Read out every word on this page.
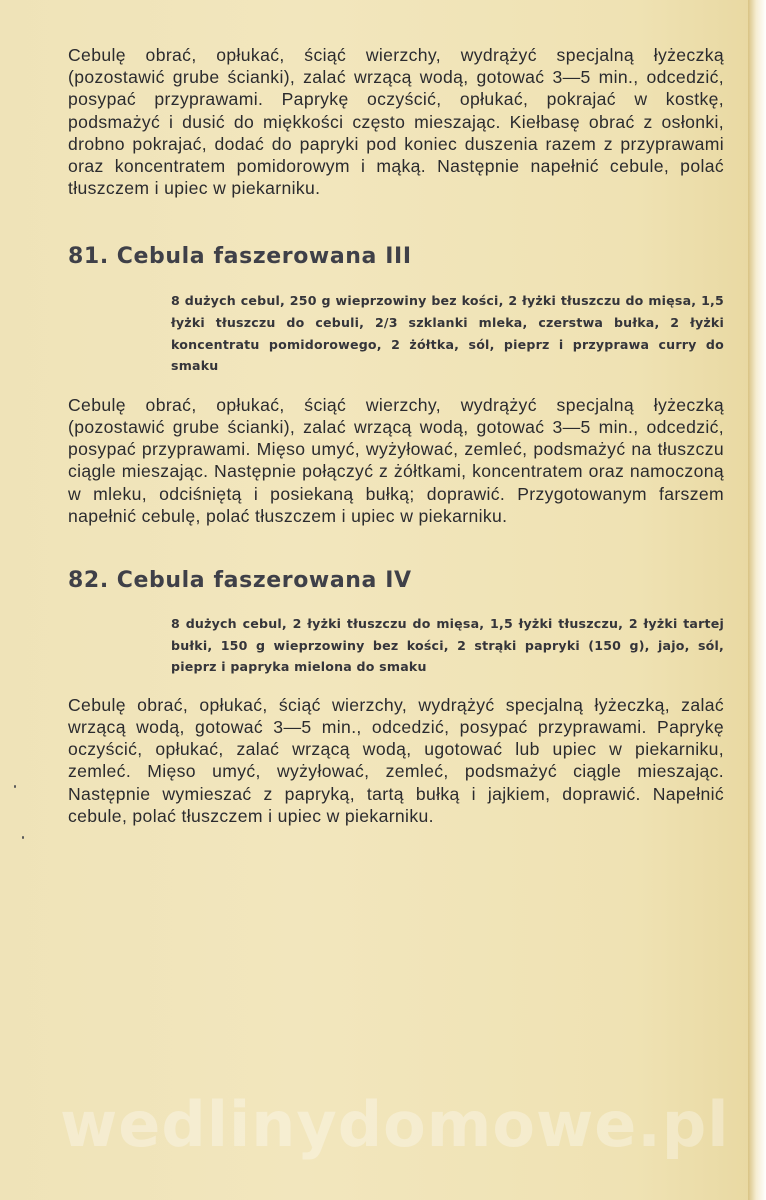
Cebulę obrać, opłukać, ściąć wierzchy, wydrążyć specjalną łyżeczką (pozostawić grube ścianki), zalać wrzącą wodą, gotować 3—5 min., odcedzić, posypać przyprawami. Paprykę oczyścić, opłukać, pokrajać w kostkę, podsmażyć i dusić do miękkości często mieszając. Kiełbasę obrać z osłonki, drobno pokrajać, dodać do papryki pod koniec duszenia razem z przyprawami oraz koncentratem pomidorowym i mąką. Następnie napełnić cebule, polać tłuszczem i upiec w piekarniku.

81. Cebula faszerowana III

8 dużych cebul, 250 g wieprzowiny bez kości, 2 łyżki tłuszczu do mięsa, 1,5 łyżki tłuszczu do cebuli, 2/3 szklanki mleka, czerstwa bułka, 2 łyżki koncentratu pomidorowego, 2 żółtka, sól, pieprz i przyprawa curry do smaku

Cebulę obrać, opłukać, ściąć wierzchy, wydrążyć specjalną łyżeczką (pozostawić grube ścianki), zalać wrzącą wodą, gotować 3—5 min., odcedzić, posypać przyprawami. Mięso umyć, wyżyłować, zemleć, podsmażyć na tłuszczu ciągle mieszając. Następnie połączyć z żółtkami, koncentratem oraz namoczoną w mleku, odciśniętą i posiekaną bułką; doprawić. Przygotowanym farszem napełnić cebulę, polać tłuszczem i upiec w piekarniku.

82. Cebula faszerowana IV

8 dużych cebul, 2 łyżki tłuszczu do mięsa, 1,5 łyżki tłuszczu, 2 łyżki tartej bułki, 150 g wieprzowiny bez kości, 2 strąki papryki (150 g), jajo, sól, pieprz i papryka mielona do smaku

Cebulę obrać, opłukać, ściąć wierzchy, wydrążyć specjalną łyżeczką, zalać wrzącą wodą, gotować 3—5 min., odcedzić, posypać przyprawami. Paprykę oczyścić, opłukać, zalać wrzącą wodą, ugotować lub upiec w piekarniku, zemleć. Mięso umyć, wyżyłować, zemleć, podsmażyć ciągle mieszając. Następnie wymieszać z papryką, tartą bułką i jajkiem, doprawić. Napełnić cebule, polać tłuszczem i upiec w piekarniku.

wedlinydomowe.pl
